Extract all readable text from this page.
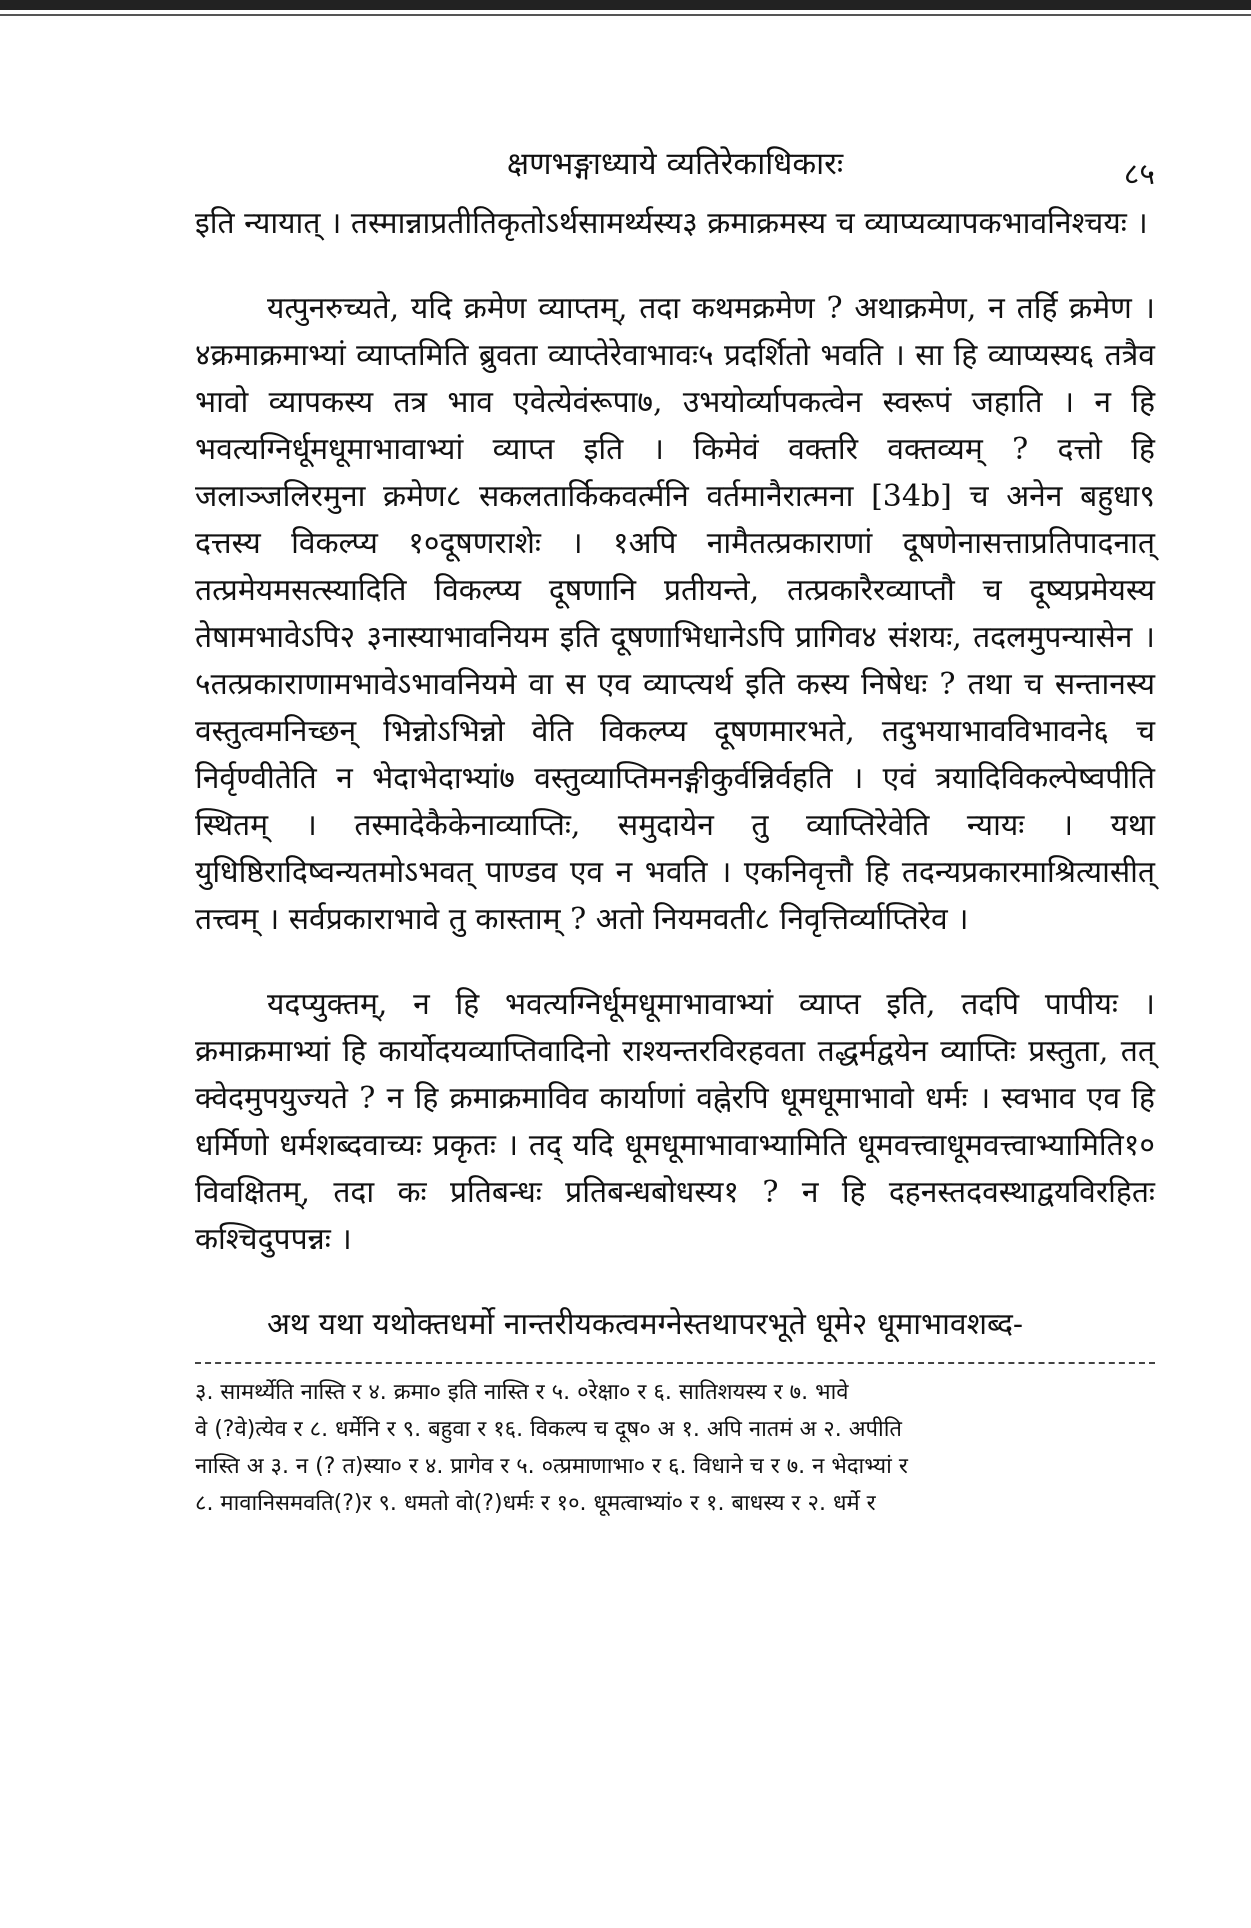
क्षणभङ्गाध्याये व्यतिरेकाधिकारः	८५

इति न्यायात् । तस्मान्नाप्रतीतिकृतोऽर्थसामर्थ्यस्य३ क्रमाक्रमस्य च व्याप्यव्यापकभावनिश्चयः ।

यत्पुनरुच्यते, यदि क्रमेण व्याप्तम्, तदा कथमक्रमेण ? अथाक्रमेण, न तर्हि क्रमेण । ४क्रमाक्रमाभ्यां व्याप्तमिति ब्रुवता व्याप्तेरेवाभावः५ प्रदर्शितो भवति । सा हि व्याप्यस्य६ तत्रैव भावो व्यापकस्य तत्र भाव एवेत्येवंरूपा७, उभयोर्व्यापकत्वेन स्वरूपं जहाति । न हि भवत्यग्निर्धूमधूमाभावाभ्यां व्याप्त इति । किमेवं वक्तरि वक्तव्यम् ? दत्तो हि जलाञ्जलिरमुना क्रमेण८ सकलतार्किकवर्त्मनि वर्तमानैरात्मना [34b] च अनेन बहुधा९ दत्तस्य विकल्प्य १०दूषणराशेः । १अपि नामैतत्प्रकाराणां दूषणेनासत्ताप्रतिपादनात् तत्प्रमेयमसत्स्यादिति विकल्प्य दूषणानि प्रतीयन्ते, तत्प्रकारैरव्याप्तौ च दूष्यप्रमेयस्य तेषामभावेऽपि२ ३नास्याभावनियम इति दूषणाभिधानेऽपि प्रागिव४ संशयः, तदलमुपन्यासेन । ५तत्प्रकाराणामभावेऽभावनियमे वा स एव व्याप्त्यर्थ इति कस्य निषेधः ? तथा च सन्तानस्य वस्तुत्वमनिच्छन् भिन्नोऽभिन्नो वेति विकल्प्य दूषणमारभते, तदुभयाभावविभावने६ च निर्वृण्वीतेति न भेदाभेदाभ्यां७ वस्तुव्याप्तिमनङ्गीकुर्वन्निर्वहति । एवं त्रयादिविकल्पेष्वपीति स्थितम् । तस्मादेकैकेनाव्याप्तिः, समुदायेन तु व्याप्तिरेवेति न्यायः । यथा युधिष्ठिरादिष्वन्यतमोऽभवत् पाण्डव एव न भवति । एकनिवृत्तौ हि तदन्यप्रकारमाश्रित्यासीत् तत्त्वम् । सर्वप्रकाराभावे तु कास्ताम् ? अतो नियमवती८ निवृत्तिर्व्याप्तिरेव ।

यदप्युक्तम्, न हि भवत्यग्निर्धूमधूमाभावाभ्यां व्याप्त इति, तदपि पापीयः । क्रमाक्रमाभ्यां हि कार्योदयव्याप्तिवादिनो राश्यन्तरविरहवता तद्धर्मद्वयेन व्याप्तिः प्रस्तुता, तत् क्वेदमुपयुज्यते ? न हि क्रमाक्रमाविव कार्याणां वह्नेरपि धूमधूमाभावो धर्मः । स्वभाव एव हि धर्मिणो धर्मशब्दवाच्यः प्रकृतः । तद् यदि धूमधूमाभावाभ्यामिति धूमवत्त्वाधूमवत्त्वाभ्यामिति१० विवक्षितम्, तदा कः प्रतिबन्धः प्रतिबन्धबोधस्य१ ? न हि दहनस्तदवस्थाद्वयविरहितः कश्चिदुपपन्नः ।

अथ यथा यथोक्तधर्मो नान्तरीयकत्वमग्नेस्तथापरभूते धूमे२ धूमाभावशब्द-

३. सामर्थ्येति नास्ति र ४. क्रमा० इति नास्ति र ५. ०रेक्षा० र ६. सातिशयस्य र ७. भावे
वे (?वे)त्येव र ८. धर्मेनि र ९. बहुवा र १६. विकल्प च दूष० अ १. अपि नातमं अ २. अपीति
नास्ति अ ३. न (? त)स्या० र ४. प्रागेव र ५. ०त्प्रमाणाभा० र ६. विधाने च र ७. न भेदाभ्यां र
८. मावानिसमवति(?)र ९. धमतो वो(?)धर्मः र १०. धूमत्वाभ्यां० र १. बाधस्य र २. धर्मे र
